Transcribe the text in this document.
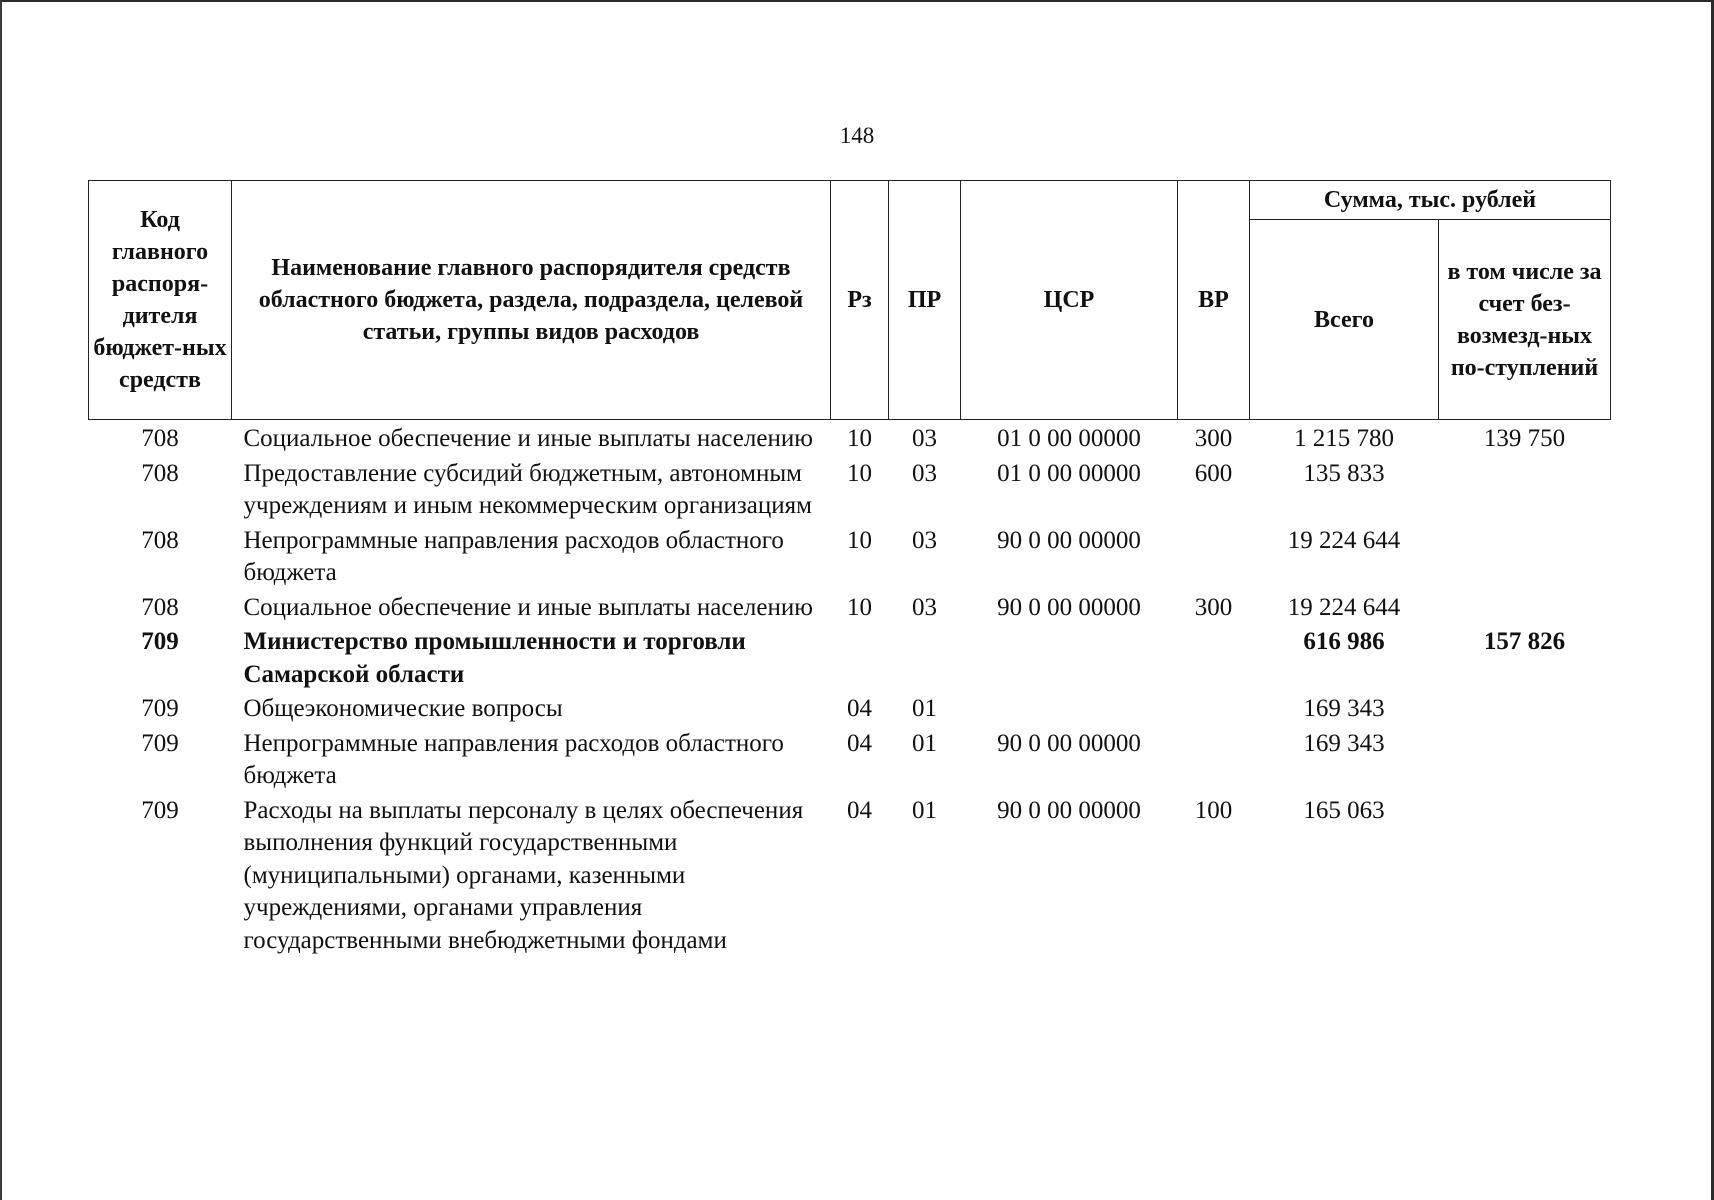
148
Код главного распоря-дителя бюджет-ных средств	Наименование главного распорядителя средств областного бюджета, раздела, подраздела, целевой статьи, группы видов расходов	Рз	ПР	ЦСР	ВР	Сумма, тыс. рублей	
						Всего	в том числе за счет без-возмезд-ных по-ступлений
708	Социальное обеспечение и иные выплаты населению	10	03	01 0 00 00000	300	1 215 780	139 750
708	Предоставление субсидий бюджетным, автономным учреждениям и иным некоммерческим организациям	10	03	01 0 00 00000	600	135 833	
708	Непрограммные направления расходов областного бюджета	10	03	90 0 00 00000		19 224 644	
708	Социальное обеспечение и иные выплаты населению	10	03	90 0 00 00000	300	19 224 644	
709	Министерство промышленности и торговли Самарской области					616 986	157 826
709	Общеэкономические вопросы	04	01			169 343	
709	Непрограммные направления расходов областного бюджета	04	01	90 0 00 00000		169 343	
709	Расходы на выплаты персоналу в целях обеспечения выполнения функций государственными (муниципальными) органами, казенными учреждениями, органами управления государственными внебюджетными фондами	04	01	90 0 00 00000	100	165 063	
